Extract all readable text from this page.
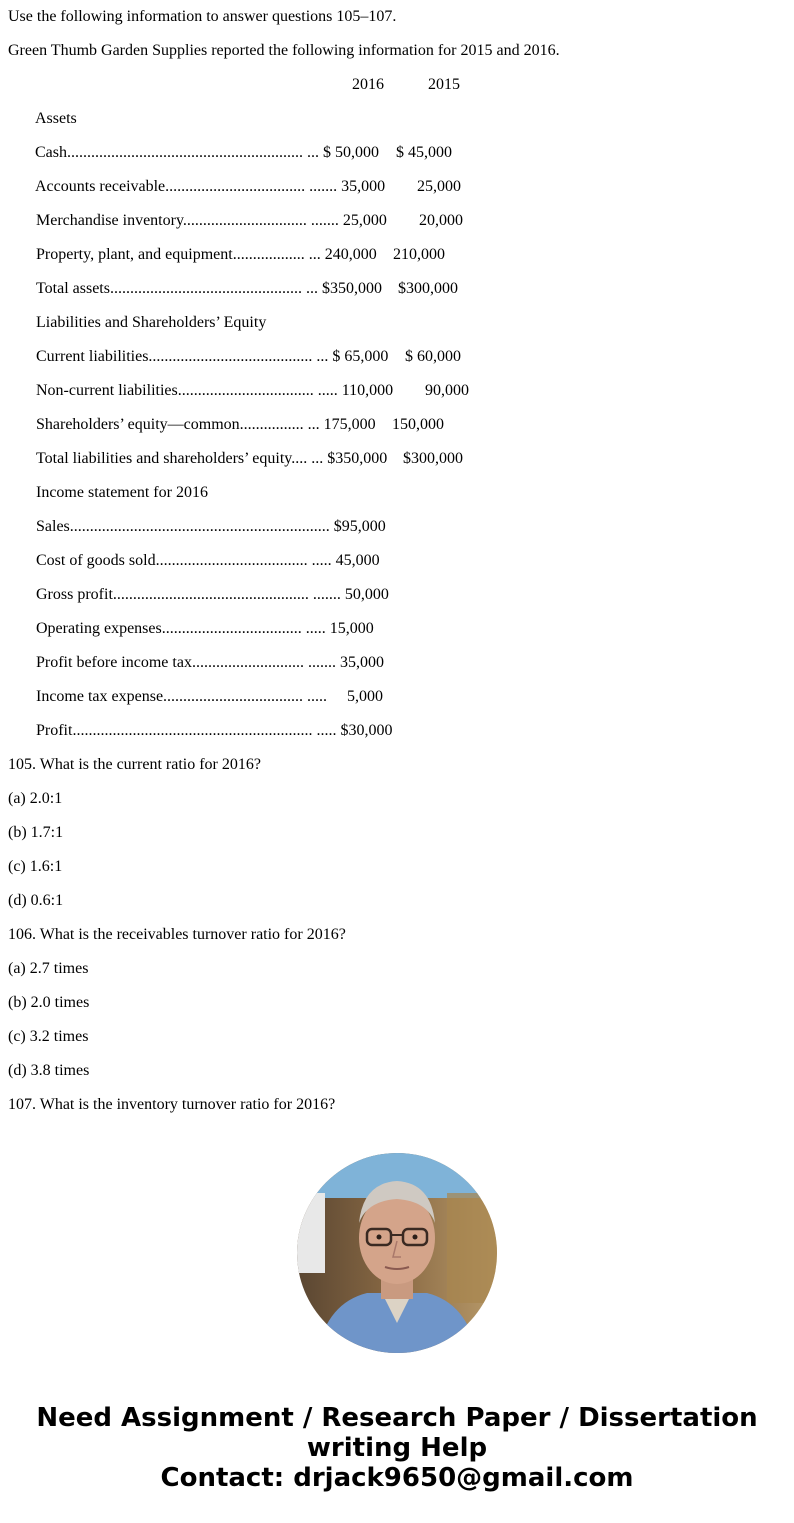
Use the following information to answer questions 105–107.
Green Thumb Garden Supplies reported the following information for 2015 and 2016.
2016	2015
Assets
Cash........................................................... ... $ 50,000 $ 45,000
Accounts receivable................................... ....... 35,000 25,000
Merchandise inventory............................... ....... 25,000 20,000
Property, plant, and equipment.................. ... 240,000 210,000
Total assets................................................ ... $350,000 $300,000
Liabilities and Shareholders’ Equity
Current liabilities......................................... ... $ 65,000 $ 60,000
Non-current liabilities.................................. ..... 110,000 90,000
Shareholders’ equity—common................ ... 175,000 150,000
Total liabilities and shareholders’ equity.... ... $350,000 $300,000
Income statement for 2016
Sales................................................................. $95,000
Cost of goods sold...................................... ..... 45,000
Gross profit................................................. ....... 50,000
Operating expenses................................... ..... 15,000
Profit before income tax............................ ....... 35,000
Income tax expense................................... .....     5,000
Profit............................................................ ..... $30,000
105. What is the current ratio for 2016?
(a) 2.0:1
(b) 1.7:1
(c) 1.6:1
(d) 0.6:1
106. What is the receivables turnover ratio for 2016?
(a) 2.7 times
(b) 2.0 times
(c) 3.2 times
(d) 3.8 times
107. What is the inventory turnover ratio for 2016?
Need Assignment / Research Paper / Dissertation
writing Help
Contact: drjack9650@gmail.com
